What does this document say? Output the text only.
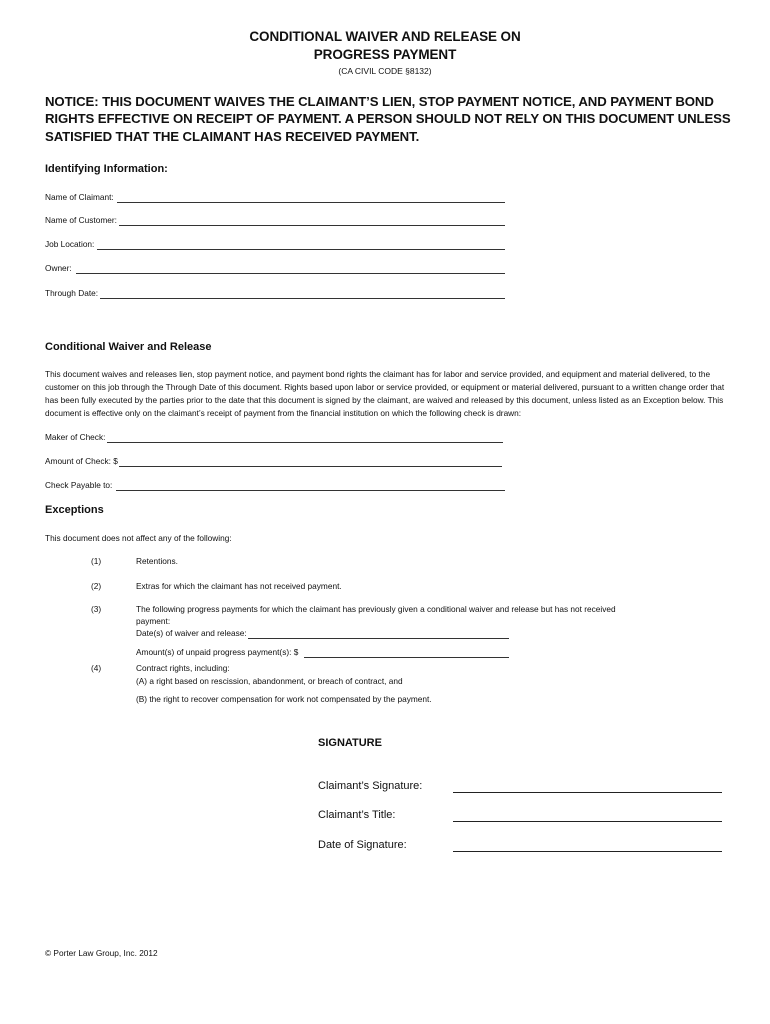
CONDITIONAL WAIVER AND RELEASE ON
PROGRESS PAYMENT
(CA CIVIL CODE §8132)
NOTICE: THIS DOCUMENT WAIVES THE CLAIMANT’S LIEN, STOP PAYMENT NOTICE, AND PAYMENT BOND
RIGHTS EFFECTIVE ON RECEIPT OF PAYMENT. A PERSON SHOULD NOT RELY ON THIS DOCUMENT UNLESS
SATISFIED THAT THE CLAIMANT HAS RECEIVED PAYMENT.
Identifying Information:
Name of Claimant:
Name of Customer:
Job Location:
Owner:
Through Date:
Conditional Waiver and Release
This document waives and releases lien, stop payment notice, and payment bond rights the claimant has for labor and service provided, and equipment and material delivered, to the customer on this job through the Through Date of this document. Rights based upon labor or service provided, or equipment or material delivered, pursuant to a written change order that has been fully executed by the parties prior to the date that this document is signed by the claimant, are waived and released by this document, unless listed as an Exception below. This document is effective only on the claimant’s receipt of payment from the financial institution on which the following check is drawn:
Maker of Check:
Amount of Check: $
Check Payable to:
Exceptions
This document does not affect any of the following:
(1)	Retentions.
(2)	Extras for which the claimant has not received payment.
(3)	The following progress payments for which the claimant has previously given a conditional waiver and release but has not received
payment:
Date(s) of waiver and release:
Amount(s) of unpaid progress payment(s): $
(4)	Contract rights, including:
(A) a right based on rescission, abandonment, or breach of contract, and
(B) the right to recover compensation for work not compensated by the payment.
SIGNATURE
Claimant’s Signature:
Claimant’s Title:
Date of Signature:
© Porter Law Group, Inc. 2012
